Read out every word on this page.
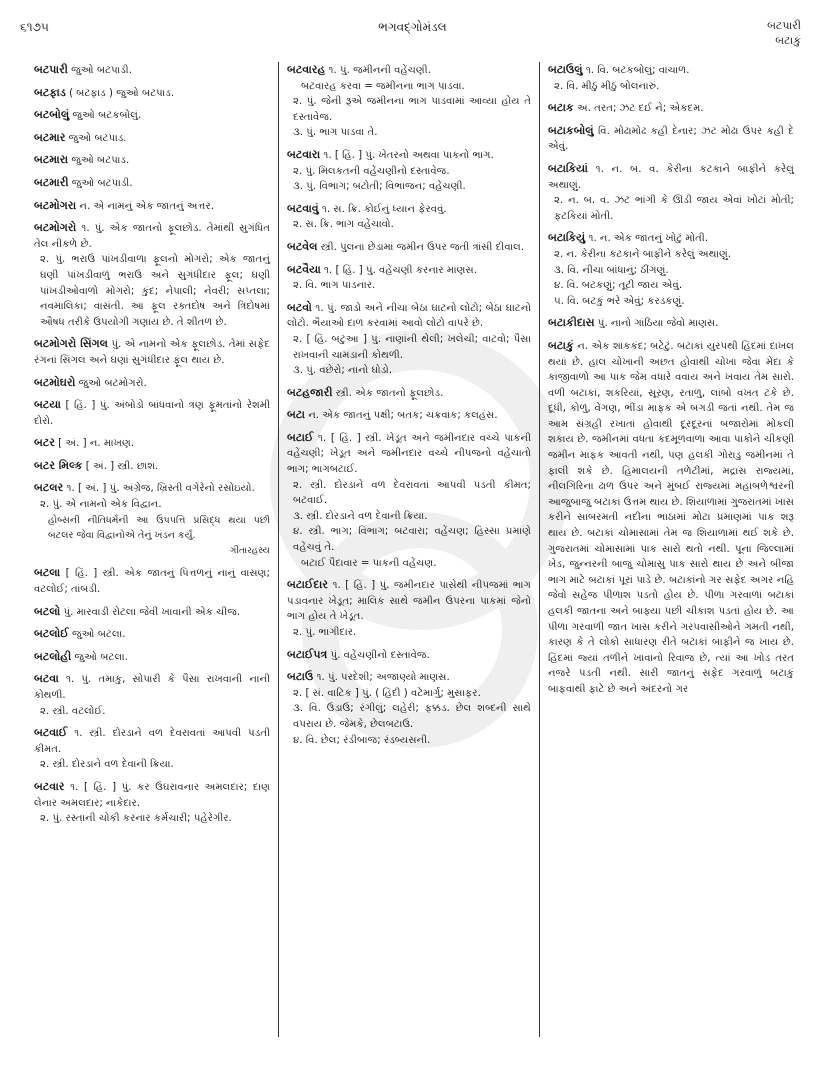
૬૧૭૫	ભગવદ્ગોમંડલ	બટપારી
બટાકું

બટપારી જુઓ બટપાડી.

બટફાડ ( બટફાડ઼ ) જુઓ બટપાડ.

બટબોલું જુઓ બટકબોલું.

બટમાર જુઓ બટપાડ.

બટમારા જુઓ બટપાડ.

બટમારી જુઓ બટપાડી.

બટમોગરા ન. એ નામનું એક જાતનું અત્તર.

બટમોગરો ૧. પું. એક જાતનો ફૂલછોડ. તેમાંથી સુગંધિત તેલ નીકળે છે.
૨. પું. ભરાઉ પાંખડીવાળા ફૂલનો મોગરો; એક જાતનું ઘણી પાંખડીવાળું ભરાઉ અને સુગંધીદાર ફૂલ; ઘણી પાંખડીઓવાળો મોગરો; કુંદ; નેપાલી; નેવરી; સપ્તલા; નવમાલિકા; વાસંતી. આ ફૂલ રક્તદોષ અને ત્રિદોષમાં ઔષધ તરીકે ઉપયોગી ગણાય છે. તે શીતળ છે.

બટમોગરો સિંગલ પું. એ નામનો એક ફૂલછોડ. તેમાં સફેદ રંગનાં સિંગલ અને ઘણાં સુગંધીદાર ફૂલ થાય છે.

બટમોઘરો જુઓ બટમોગરો.

બટયા [ હિં. ] પું. અંબોડો બાંધવાનો ત્રણ ફૂમતાંનો રેશમી દોરો.

બટર [ અં. ] ન. માખણ.

બટર મિલ્ક [ અં. ] સ્ત્રી. છાશ.

બટલર ૧. [ અં. ] પું. અંગ્રેજ, ખ્રિસ્તી વગેરેનો રસોઇયો.
૨. પું. એ નામનો એક વિદ્વાન.
હોબ્સની નીતિધર્મની આ ઉપપત્તિ પ્રસિદ્ધ થયા પછી બટલર જેવા વિદ્વાનોએ તેનું ખંડન કર્યું.
ગીતારહસ્ય

બટલા [ હિં. ] સ્ત્રી. એક જાતનું પિત્તળનું નાનું વાસણ; વટલોઈ; તાંબડી.

બટલો પું. મારવાડી રોટલા જેવી ખાવાની એક ચીજ.

બટલોઈ જુઓ બટલા.

બટલોહી જુઓ બટલા.

બટવા ૧. પું. તમાકુ, સોપારી કે પૈસા રાખવાની નાની કોથળી.
૨. સ્ત્રી. વટલોઈ.

બટવાઈ ૧. સ્ત્રી. દોરડાને વળ દેવરાવતાં આપવી પડતી કીમત.
૨. સ્ત્રી. દોરડાને વળ દેવાની ક્રિયા.

બટવાર ૧. [ હિં. ] પું. કર ઉઘરાવનાર અમલદાર; દાણ લેનાર અમલદાર; નાકેદાર.
૨. પું. રસ્તાની ચોકી કરનાર કર્મચારી; પહેરેગીર.

બટવારહ ૧. પું. જમીનની વહેંચણી.
બટવારહ કરવા = જમીનના ભાગ પાડવા.
૨. પું. જેની રૂએ જમીનના ભાગ પાડવામાં આવ્યા હોય તે દસ્તાવેજ.
૩. પું. ભાગ પાડવા તે.

બટવારા ૧. [ હિં. ] પું. ખેતરનો અથવા પાકનો ભાગ.
૨. પું. મિલકતની વહેંચણીનો દસ્તાવેજ.
૩. પું. વિભાગ; બટોતી; વિભાજન; વહેંચણી.

બટવાવું ૧. સ. ક્રિ. કોઈનું ધ્યાન ફેરવવું.
૨. સ. ક્રિ. ભાગ વહેંચાવો.

બટવેલ સ્ત્રી. પુલના છેડામાં જમીન ઉપર જતી ત્રાંસી દીવાલ.

બટવૈયા ૧. [ હિં. ] પું. વહેંચણી કરનાર માણસ.
૨. વિ. ભાગ પાડનાર.

બટવો ૧. પું. જાડો અને નીચા બેઠા ઘાટનો લોટો; બેઠા ઘાટનો લોટો. ભૈયાઓ દાળ કરવામાં આવો લોટો વાપરે છે.
૨. [ હિં. બટુઆ ] પું. નાણાંની થેલી; ખલેચી; વાટવો; પૈસા રાખવાની ચામડાની કોથળી.
૩. પું. વછેરો; નાનો ઘોડો.

બટહજારી સ્ત્રી. એક જાતનો ફૂલછોડ.

બટા ન. એક જાતનું પક્ષી; બતક; ચક્રવાક; કલહંસ.

બટાઈ ૧. [ હિં. ] સ્ત્રી. ખેડૂત અને જમીનદાર વચ્ચે પાકની વહેંચણી; ખેડૂત અને જમીનદાર વચ્ચે નીપજનો વહેંચાતો ભાગ; ભાગબટાઈ.
૨. સ્ત્રી. દોરડાને વળ દેવરાવતાં આપવી પડતી કીમત; બટવાઈ.
૩. સ્ત્રી. દોરડાને વળ દેવાની ક્રિયા.
૪. સ્ત્રી. ભાગ; વિભાગ; બટવારા; વહેંચણ; હિસ્સા પ્રમાણે વહેંચવું તે.
બટાઈ પૈદાવાર = પાકની વહેંચણ.

બટાઈદાર ૧. [ હિં. ] પું. જમીનદાર પાસેથી નીપજમાં ભાગ પડાવનાર ખેડૂત; માલિક સાથે જમીન ઉપરના પાકમાં જેનો ભાગ હોય તે ખેડૂત.
૨. પું. ભાગીદાર.

બટાઈપત્ર પું. વહેંચણીનો દસ્તાવેજ.

બટાઉ ૧. પું. પરદેશી; અજાણ્યો માણસ.
૨. [ સં. વાટિક ] પું. ( હિંદી ) વટેમાર્ગુ; મુસાફર.
૩. વિ. ઉડાઉ; રંગીલું; લહેરી; ફક્કડ. છેલ શબ્દની સાથે વપરાય છે. જેમકે, છેલબટાઉ.
૪. વિ. છેલ; રંડીબાજ; રંડબ્યસની.

બટાઉલું ૧. વિ. બટકબોલું; વાચાળ.
૨. વિ. મીઠું મીઠું બોલનારું.

બટાક અ. તરત; ઝટ દઈ ને; એકદમ.

બટાકબોલું વિ. મોઢામોઢ કહી દેનાર; ઝટ મોઢા ઉપર કહી દે એવું.

બટાકિયાં ૧. ન. બ. વ. કેરીના કટકાને બાફીને કરેલું અથાણું.
૨. ન. બ. વ. ઝટ ભાંગી કે ઊડી જાય એવાં ખોટાં મોતી; ફટકિયાં મોતી.

બટાકિયું ૧. ન. એક જાતનું ખોટું મોતી.
૨. ન. કેરીના કટકાને બાફીને કરેલું અથાણું.
૩. વિ. નીચા બાંધાનું; ઠીંગણું.
૪. વિ. બટકણું; તૂટી જાય એવું.
૫. વિ. બટકું ભરે એવું; કરડકણું.

બટાકીદાસ પું. નાનો ગાંઠિયા જેવો માણસ.

બટાકું ન. એક શાકકંદ; બટેટું. બટાકાં યુરપથી હિંદમાં દાખલ થયાં છે. હાલ ચોખાની અછત હોવાથી ચોખા જેવા મેંદા કે કાંજીવાળો આ પાક જેમ વધારે વવાય અને ખવાય તેમ સારો. વળી બટાકાં, શકરિયાં, સૂરણ, રતાળુ, લાંબો વખત ટકે છે. દૂધી, કોળું, વેંગણ, ભીંડા માફક એ બગડી જતાં નથી. તેમ જ આમ સંગ્રહી રખાતાં હોવાથી દૂરદૂરનાં બજારોમાં મોકલી શકાય છે. જમીનમાં વધતા કંદમૂળવાળા આવા પાકોને ચીકણી જમીન માફક આવતી નથી, પણ હલકી ગોરાડુ જમીનમાં તે ફાલી શકે છે. હિમાલયની તળેટીમાં, મદ્રાસ રાજ્યમાં, નીલગિરિના ઢાળ ઉપર અને મુંબઈ રાજ્યમાં મહાબળેશ્વરની આજુબાજુ બટાકાં ઉત્તમ થાય છે. શિયાળામાં ગુજરાતમાં ખાસ કરીને સાબરમતી નદીના ભાઠામાં મોટા પ્રમાણમાં પાક શરૂ થાય છે. બટાકાં ચોમાસામાં તેમ જ શિયાળામાં થઈ શકે છે. ગુજરાતમાં ચોમાસામાં પાક સારો થતો નથી. પૂના જિલ્લામાં ખેડ, જુન્નરની બાજુ ચોમાસુ પાક સારો થાય છે અને બીજા ભાગ માટે બટાકાં પૂરાં પાડે છે. બટાકાંનો ગર સફેદ અગર નહિ જેવો સહેજ પીળાશ પડતો હોય છે. પીળા ગરવાળાં બટાકાં હલકી જાતના અને બાફ્યા પછી ચીકાશ પડતાં હોય છે. આ પીળા ગરવાળી જાત ખાસ કરીને ગરપવાસીઓને ગમતી નથી, કારણ કે તે લોકો સાધારણ રીતે બટાકાં બાફીને જ ખાય છે. હિંદમાં જ્યાં તળીને ખાવાનો રિવાજ છે, ત્યાં આ ખોડ તરત નજરે પડતી નથી. સારી જાતનું સફેદ ગરવાળું બટાકું બાફવાથી ફાટે છે અને અંદરનો ગર
